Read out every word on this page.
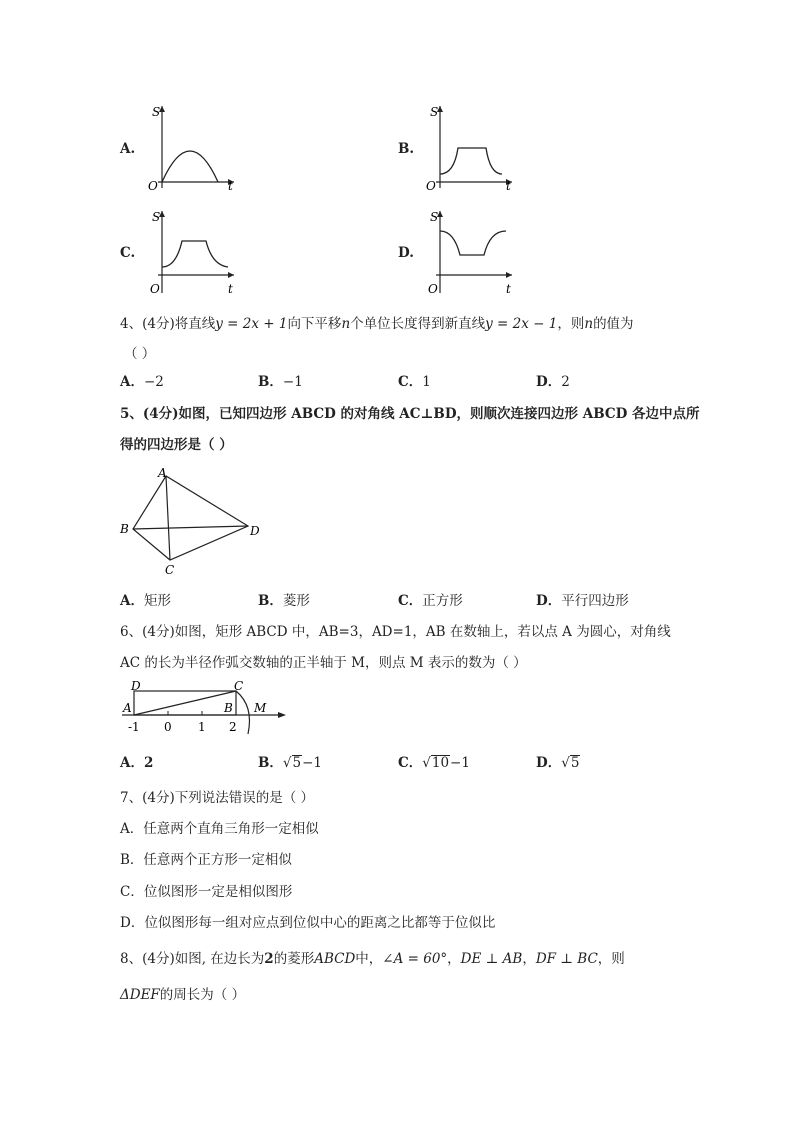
A.
S
t
O
B.
S
t
O
C.
S
t
O
D.
S
t
O
4、(4分)将直线y = 2x + 1向下平移n个单位长度得到新直线y = 2x − 1，则n的值为
（ ）
A．−2	B．−1	C．1	D．2
5、(4分)如图，已知四边形 ABCD 的对角线 AC⊥BD，则顺次连接四边形 ABCD 各边中点所
得的四边形是（ ）
A
B
C
D
A．矩形	B．菱形	C．正方形	D．平行四边形
6、(4分)如图，矩形 ABCD 中，AB=3，AD=1，AB 在数轴上，若以点 A 为圆心，对角线
AC 的长为半径作弧交数轴的正半轴于 M，则点 M 表示的数为（ ）
D	C
A	B M
-1 0 1 2
A．2	B．√5−1	C．√10−1	D．√5
7、(4分)下列说法错误的是（ ）
A．任意两个直角三角形一定相似
B．任意两个正方形一定相似
C．位似图形一定是相似图形
D．位似图形每一组对应点到位似中心的距离之比都等于位似比
8、(4分)如图, 在边长为2的菱形ABCD中，∠A = 60°，DE ⊥ AB，DF ⊥ BC，则
ΔDEF的周长为（ ）
